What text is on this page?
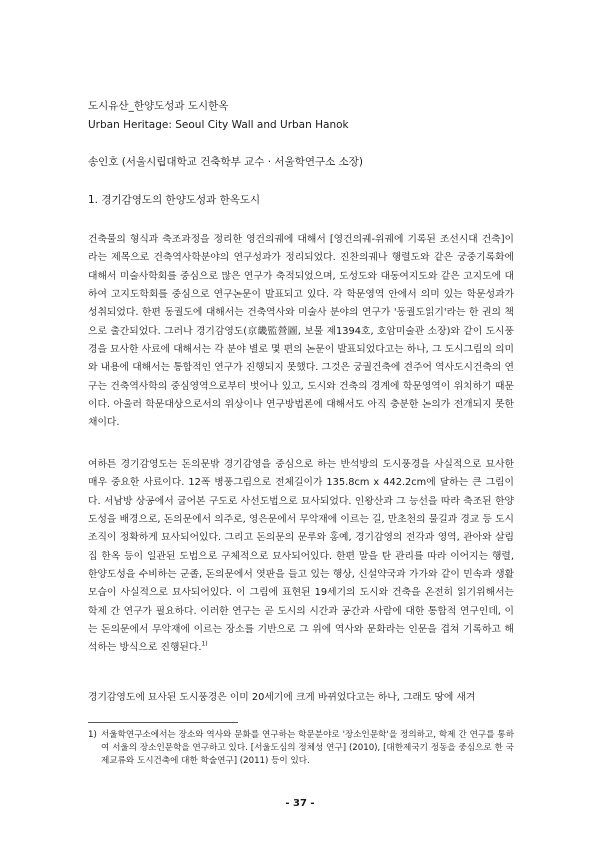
도시유산_한양도성과 도시한옥
Urban Heritage: Seoul City Wall and Urban Hanok
송인호 (서울시립대학교 건축학부 교수 · 서울학연구소 소장)
1. 경기감영도의 한양도성과 한옥도시
건축물의 형식과 축조과정을 정리한 영건의궤에 대해서 [영건의궤-위궤에 기록된 조선시대 건축]이라는 제목으로 건축역사학분야의 연구성과가 정리되었다. 진찬의궤나 행렬도와 같은 궁중기록화에 대해서 미술사학회를 중심으로 많은 연구가 축적되었으며, 도성도와 대동여지도와 같은 고지도에 대하여 고지도학회를 중심으로 연구논문이 발표되고 있다. 각 학문영역 안에서 의미 있는 학문성과가 성취되었다. 한편 동궐도에 대해서는 건축역사와 미술사 분야의 연구가 '동궐도읽기'라는 한 권의 책으로 출간되었다. 그러나 경기감영도(京畿監營圖, 보물 제1394호, 호암미술관 소장)와 같이 도시풍경을 묘사한 사료에 대해서는 각 분야 별로 몇 편의 논문이 발표되었다고는 하나, 그 도시그림의 의미와 내용에 대해서는 통합적인 연구가 진행되지 못했다. 그것은 궁궐건축에 견주어 역사도시건축의 연구는 건축역사학의 중심영역으로부터 벗어나 있고, 도시와 건축의 경계에 학문영역이 위치하기 때문이다. 아울러 학문대상으로서의 위상이나 연구방법론에 대해서도 아직 충분한 논의가 전개되지 못한 채이다.
여하튼 경기감영도는 돈의문밖 경기감영을 중심으로 하는 반석방의 도시풍경을 사실적으로 묘사한 매우 중요한 사료이다. 12폭 병풍그림으로 전체길이가 135.8cm x 442.2cm에 달하는 큰 그림이다. 서남방 상공에서 굽어본 구도로 사선도법으로 묘사되었다. 인왕산과 그 능선을 따라 축조된 한양도성을 배경으로, 돈의문에서 의주로, 영은문에서 무악재에 이르는 길, 만초천의 물길과 경교 등 도시조직이 정확하게 묘사되어있다. 그리고 돈의문의 문루와 홍예, 경기감영의 전각과 영역, 관아와 살림집 한옥 등이 일관된 도법으로 구체적으로 묘사되어있다. 한편 말을 탄 관리를 따라 이어지는 행렬, 한양도성을 수비하는 군졸, 돈의문에서 엿판을 들고 있는 행상, 신설약국과 가가와 같이 민속과 생활 모습이 사실적으로 묘사되어있다. 이 그림에 표현된 19세기의 도시와 건축을 온전히 읽기위해서는 학제 간 연구가 필요하다. 이러한 연구는 곧 도시의 시간과 공간과 사람에 대한 통합적 연구인데, 이는 돈의문에서 무악재에 이르는 장소를 기반으로 그 위에 역사와 문화라는 인문을 겹쳐 기록하고 해석하는 방식으로 진행된다.$^{1)}$
경기감영도에 묘사된 도시풍경은 이미 20세기에 크게 바뀌었다고는 하나, 그래도 땅에 새겨
1) 서울학연구소에서는 장소와 역사와 문화를 연구하는 학문분야로 '장소인문학'을 정의하고, 학제 간 연구를 통하여 서울의 장소인문학을 연구하고 있다. [서울도심의 정체성 연구] (2010), [대한제국기 정동을 중심으로 한 국제교류와 도시건축에 대한 학술연구] (2011) 등이 있다.
- 37 -
